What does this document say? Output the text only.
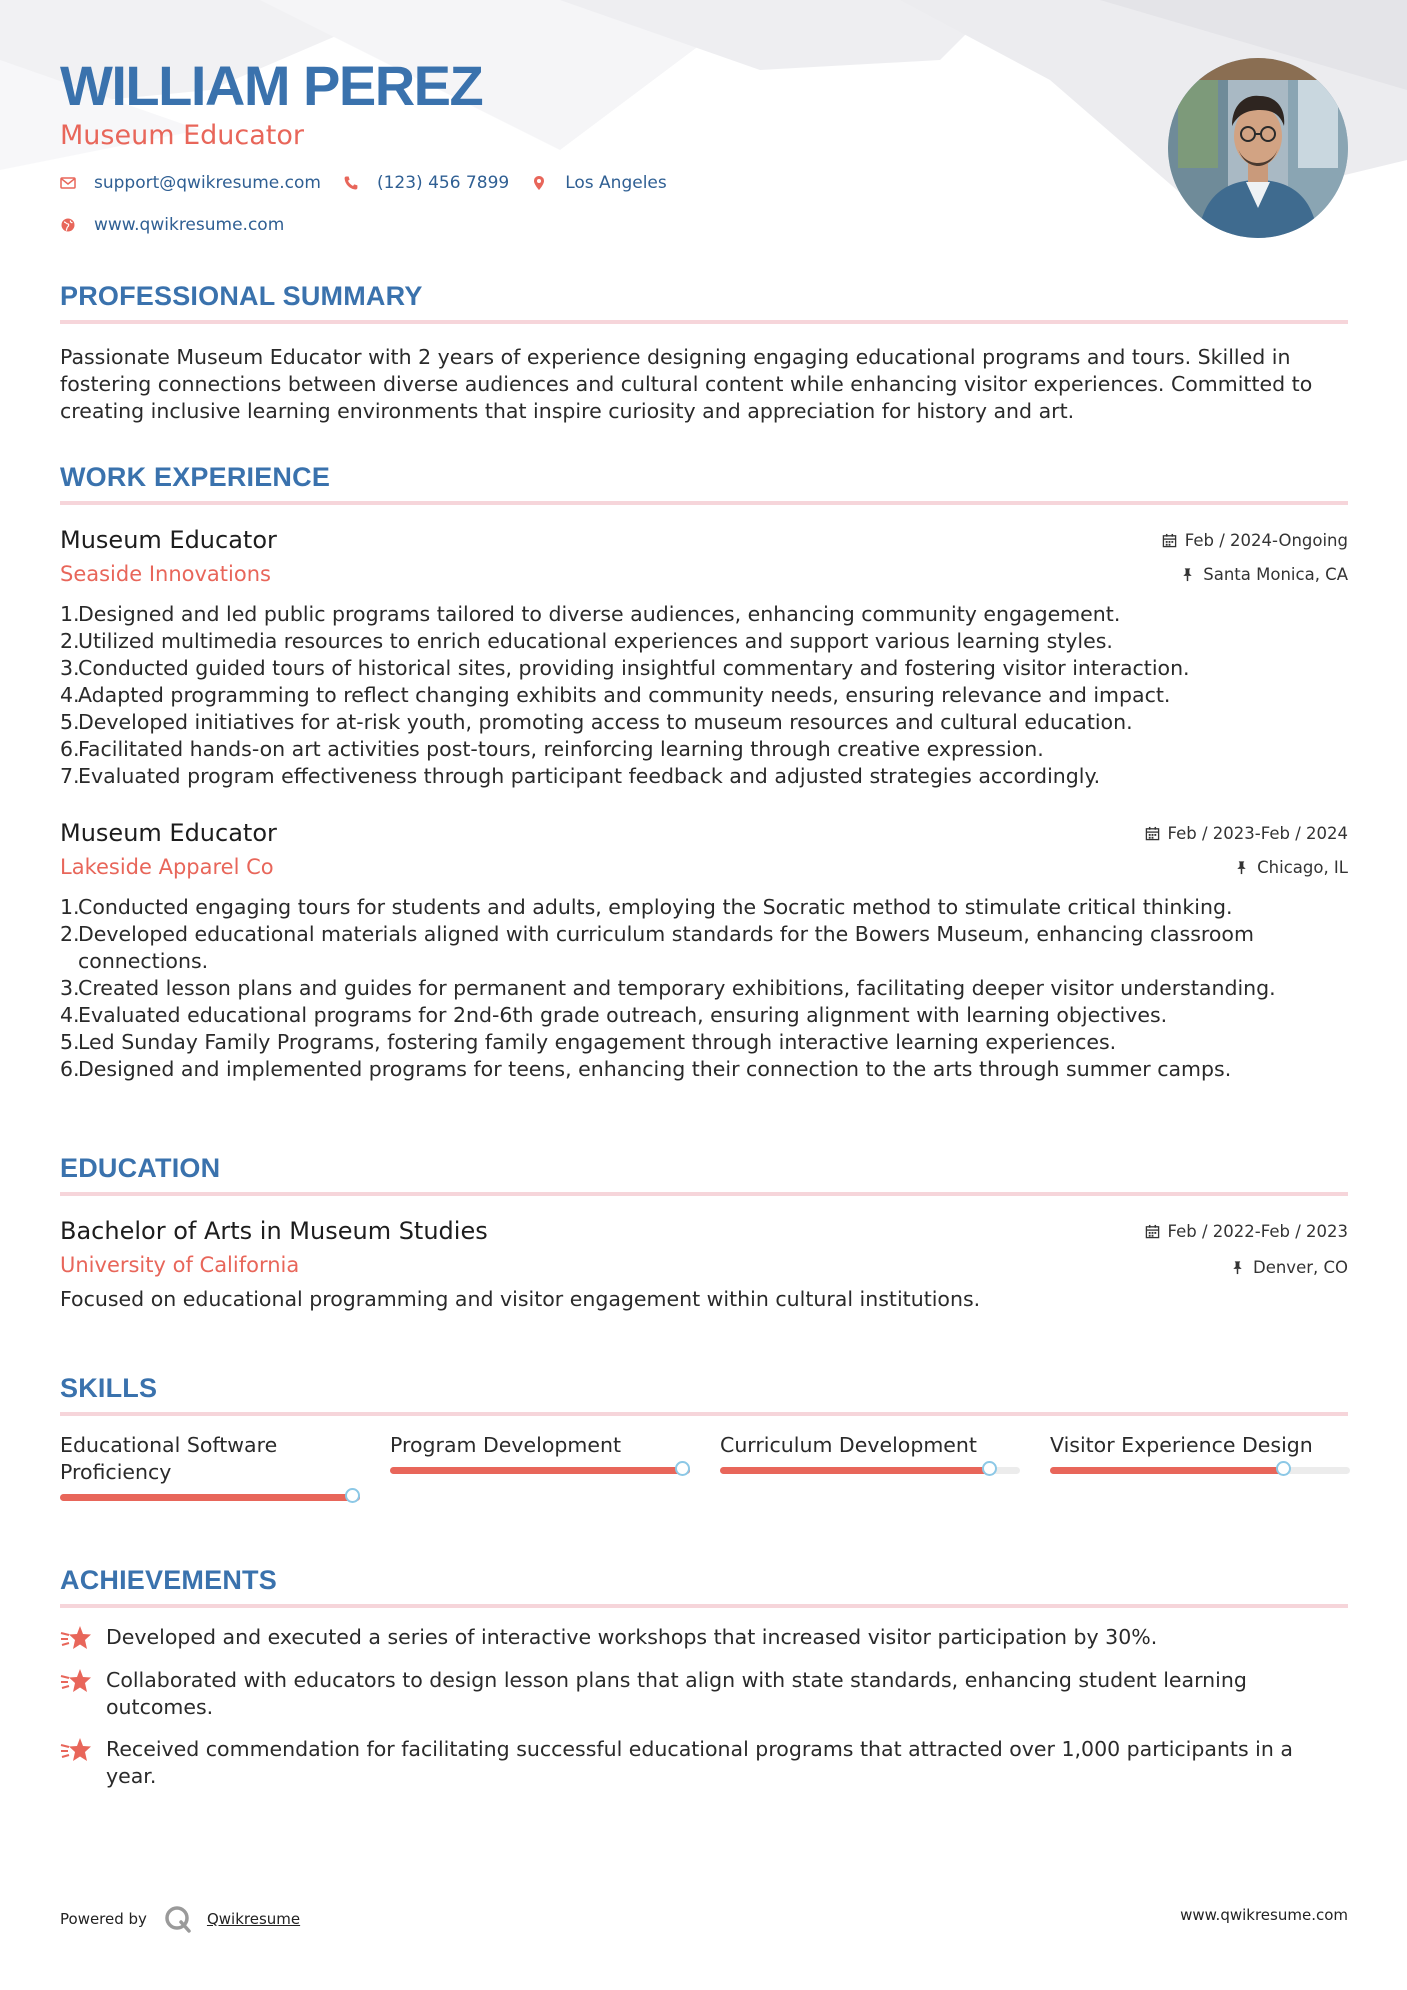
WILLIAM PEREZ
Museum Educator
support@qwikresume.com	(123) 456 7899	Los Angeles
www.qwikresume.com
PROFESSIONAL SUMMARY

Passionate Museum Educator with 2 years of experience designing engaging educational programs and tours. Skilled in fostering connections between diverse audiences and cultural content while enhancing visitor experiences. Committed to creating inclusive learning environments that inspire curiosity and appreciation for history and art.

WORK EXPERIENCE
Museum Educator
Seaside Innovations
Feb / 2024-Ongoing
Santa Monica, CA
1.
Designed and led public programs tailored to diverse audiences, enhancing community engagement.
2.
Utilized multimedia resources to enrich educational experiences and support various learning styles.
3.
Conducted guided tours of historical sites, providing insightful commentary and fostering visitor interaction.
4.
Adapted programming to reflect changing exhibits and community needs, ensuring relevance and impact.
5.
Developed initiatives for at-risk youth, promoting access to museum resources and cultural education.
6.
Facilitated hands-on art activities post-tours, reinforcing learning through creative expression.
7.
Evaluated program effectiveness through participant feedback and adjusted strategies accordingly.
Museum Educator
Lakeside Apparel Co
Feb / 2023-Feb / 2024
Chicago, IL
1.
Conducted engaging tours for students and adults, employing the Socratic method to stimulate critical thinking.
2.
Developed educational materials aligned with curriculum standards for the Bowers Museum, enhancing classroom connections.
3.
Created lesson plans and guides for permanent and temporary exhibitions, facilitating deeper visitor understanding.
4.
Evaluated educational programs for 2nd-6th grade outreach, ensuring alignment with learning objectives.
5.
Led Sunday Family Programs, fostering family engagement through interactive learning experiences.
6.
Designed and implemented programs for teens, enhancing their connection to the arts through summer camps.
EDUCATION
Bachelor of Arts in Museum Studies
University of California
Feb / 2022-Feb / 2023
Denver, CO
Focused on educational programming and visitor engagement within cultural institutions.
SKILLS
Educational Software Proficiency
Program Development	Curriculum Development	Visitor Experience Design
ACHIEVEMENTS
Developed and executed a series of interactive workshops that increased visitor participation by 30%.
Collaborated with educators to design lesson plans that align with state standards, enhancing student learning outcomes.
Received commendation for facilitating successful educational programs that attracted over 1,000 participants in a year.
Powered by	Qwikresume	www.qwikresume.com
